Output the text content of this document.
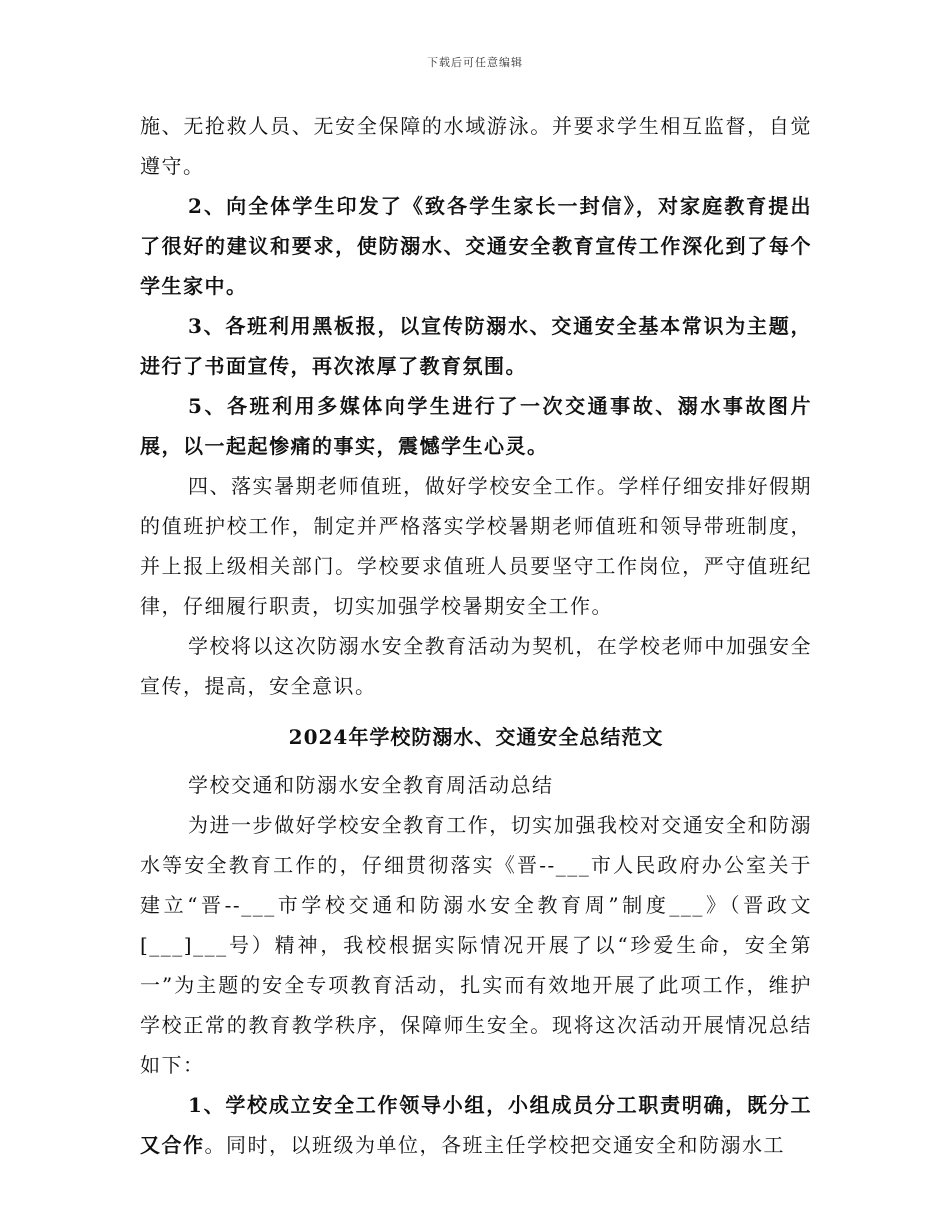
下载后可任意编辑

施、无抢救人员、无安全保障的水域游泳。并要求学生相互监督，自觉遵守。

2、向全体学生印发了《致各学生家长一封信》，对家庭教育提出了很好的建议和要求，使防溺水、交通安全教育宣传工作深化到了每个学生家中。

3、各班利用黑板报，以宣传防溺水、交通安全基本常识为主题，进行了书面宣传，再次浓厚了教育氛围。

5、各班利用多媒体向学生进行了一次交通事故、溺水事故图片展，以一起起惨痛的事实，震憾学生心灵。

四、落实暑期老师值班，做好学校安全工作。学样仔细安排好假期的值班护校工作，制定并严格落实学校暑期老师值班和领导带班制度，并上报上级相关部门。学校要求值班人员要坚守工作岗位，严守值班纪律，仔细履行职责，切实加强学校暑期安全工作。

学校将以这次防溺水安全教育活动为契机，在学校老师中加强安全宣传，提高，安全意识。

2024年学校防溺水、交通安全总结范文

学校交通和防溺水安全教育周活动总结

为进一步做好学校安全教育工作，切实加强我校对交通安全和防溺水等安全教育工作的，仔细贯彻落实《晋--___市人民政府办公室关于建立“晋--___市学校交通和防溺水安全教育周”制度___》（晋政文[___]___号）精神，我校根据实际情况开展了以“珍爱生命，安全第一”为主题的安全专项教育活动，扎实而有效地开展了此项工作，维护学校正常的教育教学秩序，保障师生安全。现将这次活动开展情况总结如下：

1、学校成立安全工作领导小组，小组成员分工职责明确，既分工又合作。同时，以班级为单位，各班主任学校把交通安全和防溺水工
